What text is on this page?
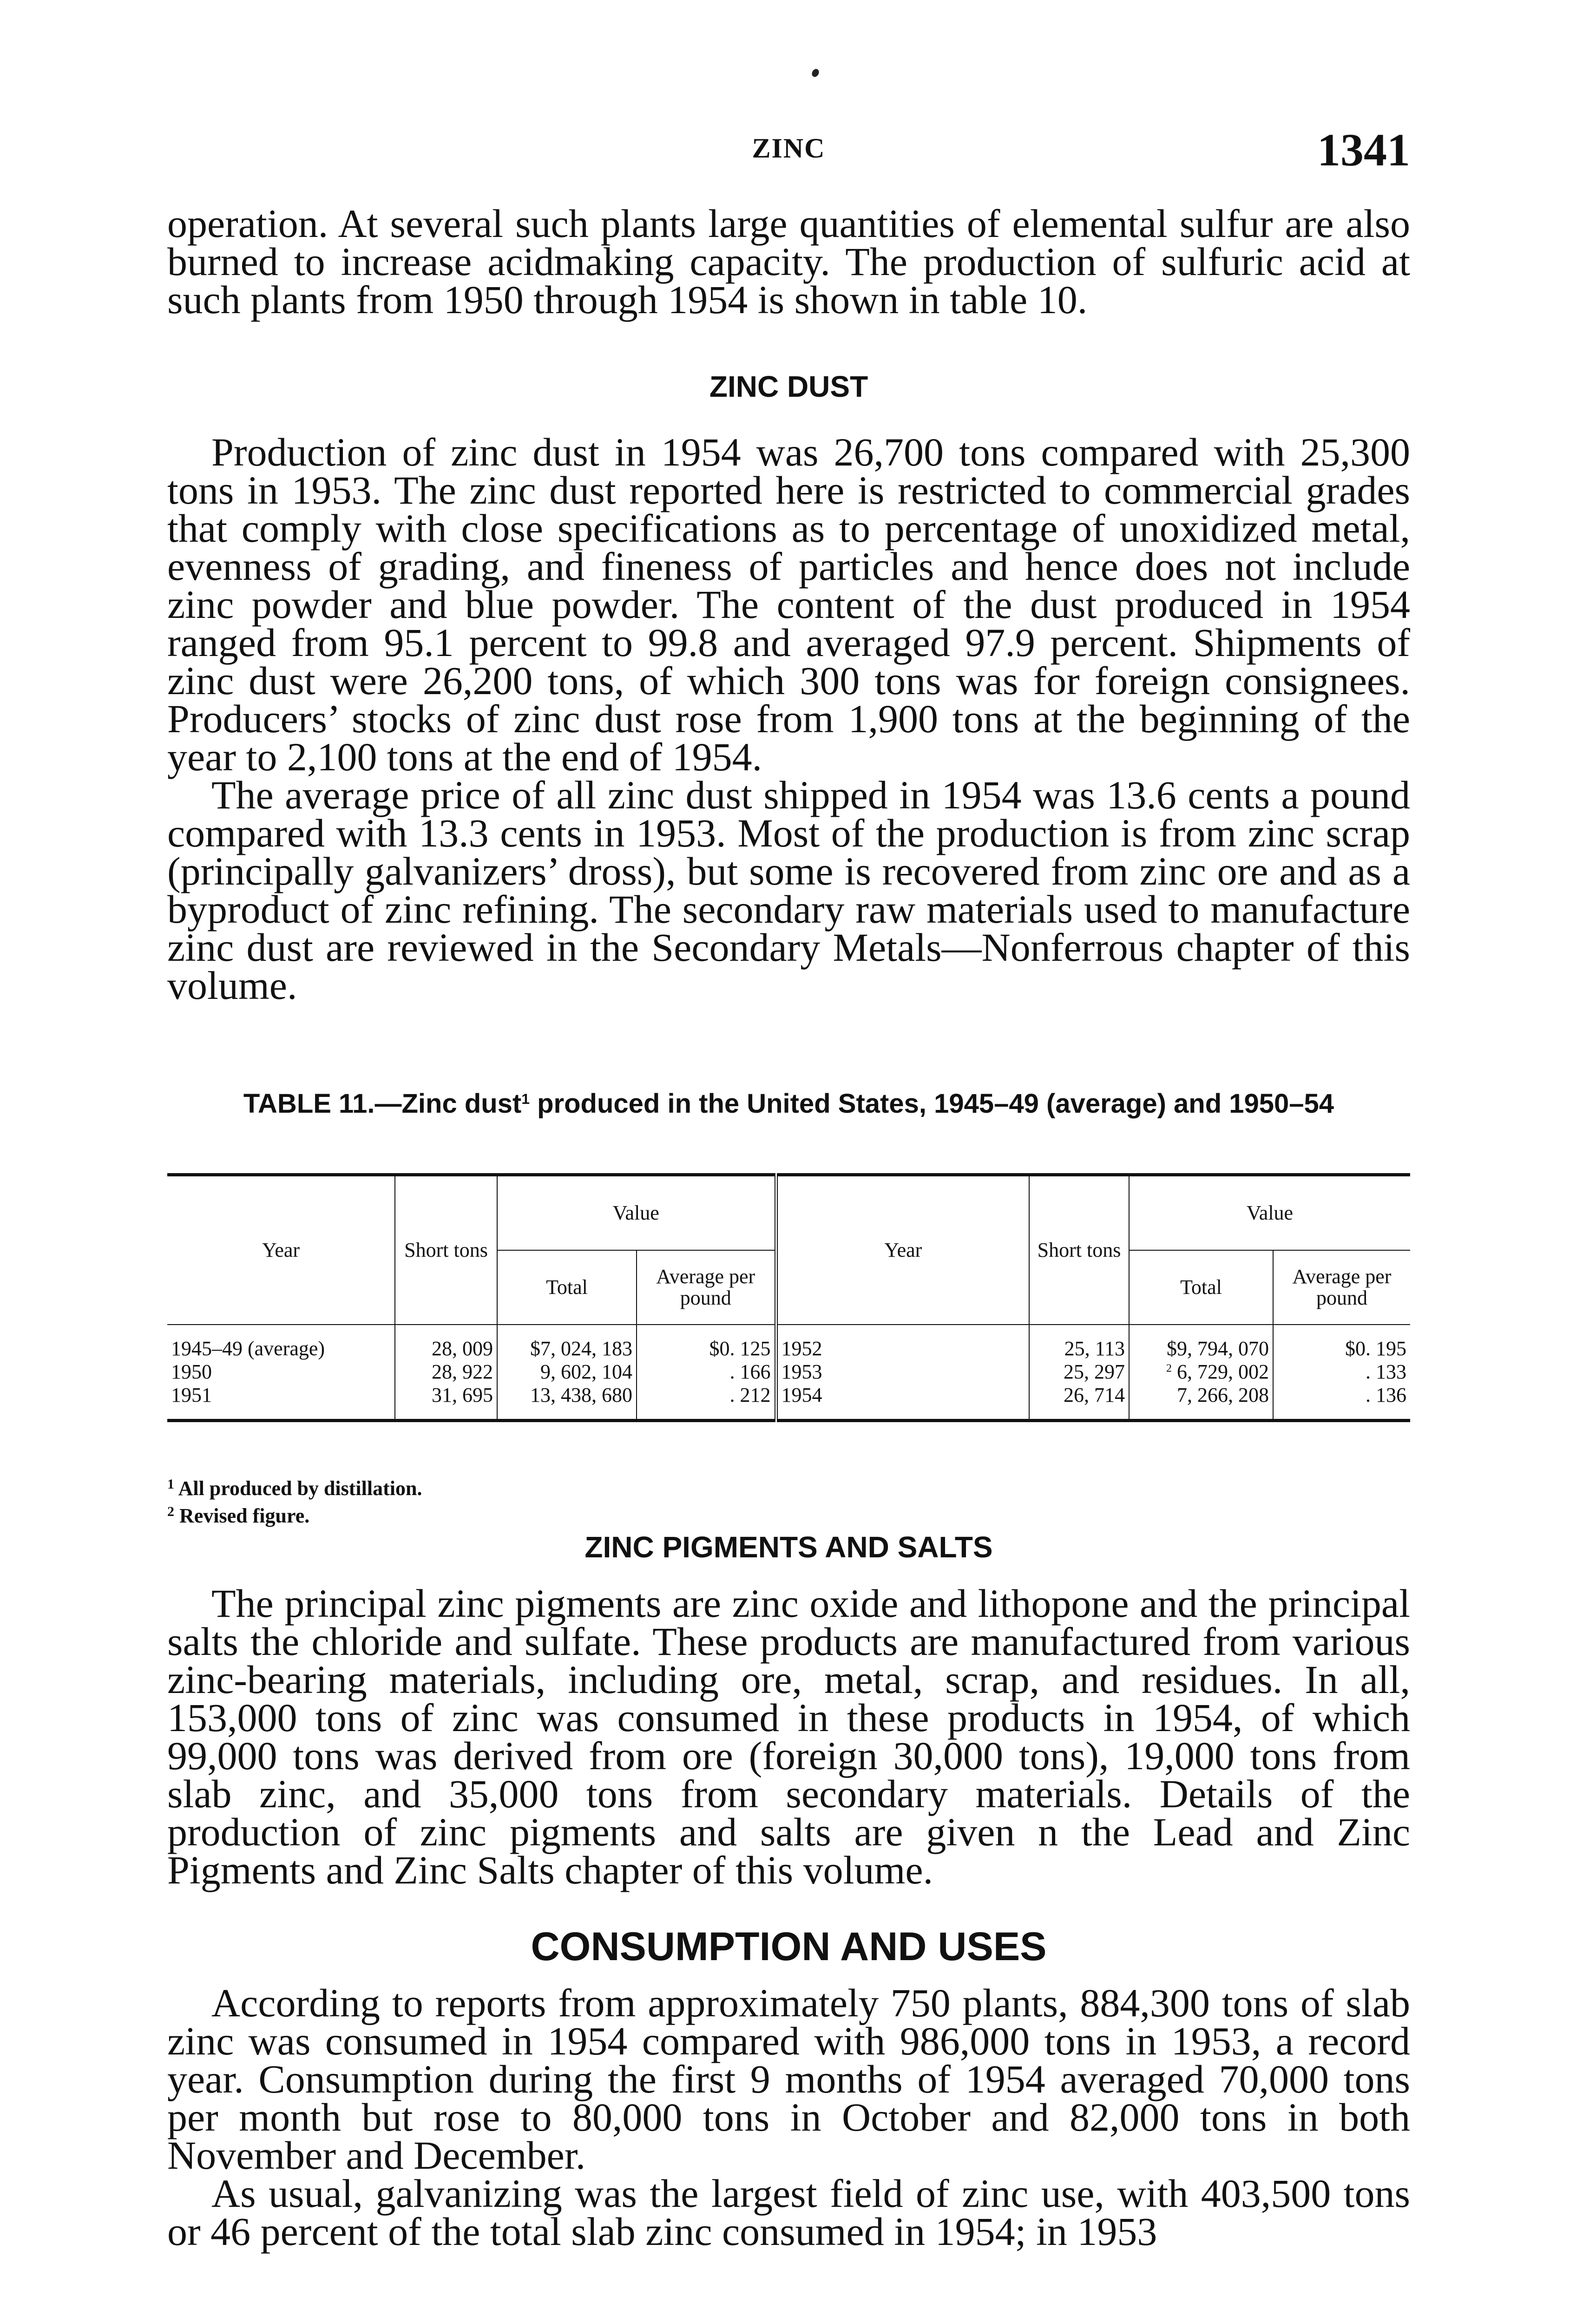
ZINC	1341

operation. At several such plants large quantities of elemental sulfur are also burned to increase acidmaking capacity. The production of sulfuric acid at such plants from 1950 through 1954 is shown in table 10.

ZINC DUST

Production of zinc dust in 1954 was 26,700 tons compared with 25,300 tons in 1953. The zinc dust reported here is restricted to commercial grades that comply with close specifications as to percentage of unoxidized metal, evenness of grading, and fineness of particles and hence does not include zinc powder and blue powder. The content of the dust produced in 1954 ranged from 95.1 percent to 99.8 and averaged 97.9 percent. Shipments of zinc dust were 26,200 tons, of which 300 tons was for foreign consignees. Producers’ stocks of zinc dust rose from 1,900 tons at the beginning of the year to 2,100 tons at the end of 1954.

The average price of all zinc dust shipped in 1954 was 13.6 cents a pound compared with 13.3 cents in 1953. Most of the production is from zinc scrap (principally galvanizers’ dross), but some is recovered from zinc ore and as a byproduct of zinc refining. The secondary raw materials used to manufacture zinc dust are reviewed in the Secondary Metals—Nonferrous chapter of this volume.

TABLE 11.—Zinc dust$^1$ produced in the United States, 1945–49 (average) and 1950–54
Year	Short tons	Value		Year	Short tons	Value	
		Total	Average per pound			Total	Average per pound

1945–49 (average)	28, 009	$7, 024, 183	$0. 125	1952	25, 113	$9, 794, 070	$0. 195
1950	28, 922	9, 602, 104	. 166	1953	25, 297	$^2$ 6, 729, 002	. 133
1951	31, 695	13, 438, 680	. 212	1954	26, 714	7, 266, 208	. 136

$^1$ All produced by distillation.
$^2$ Revised figure.
ZINC PIGMENTS AND SALTS

The principal zinc pigments are zinc oxide and lithopone and the principal salts the chloride and sulfate. These products are manufactured from various zinc-bearing materials, including ore, metal, scrap, and residues. In all, 153,000 tons of zinc was consumed in these products in 1954, of which 99,000 tons was derived from ore (foreign 30,000 tons), 19,000 tons from slab zinc, and 35,000 tons from secondary materials. Details of the production of zinc pigments and salts are given n the Lead and Zinc Pigments and Zinc Salts chapter of this volume.

CONSUMPTION AND USES

According to reports from approximately 750 plants, 884,300 tons of slab zinc was consumed in 1954 compared with 986,000 tons in 1953, a record year. Consumption during the first 9 months of 1954 averaged 70,000 tons per month but rose to 80,000 tons in October and 82,000 tons in both November and December.

As usual, galvanizing was the largest field of zinc use, with 403,500 tons or 46 percent of the total slab zinc consumed in 1954; in 1953
